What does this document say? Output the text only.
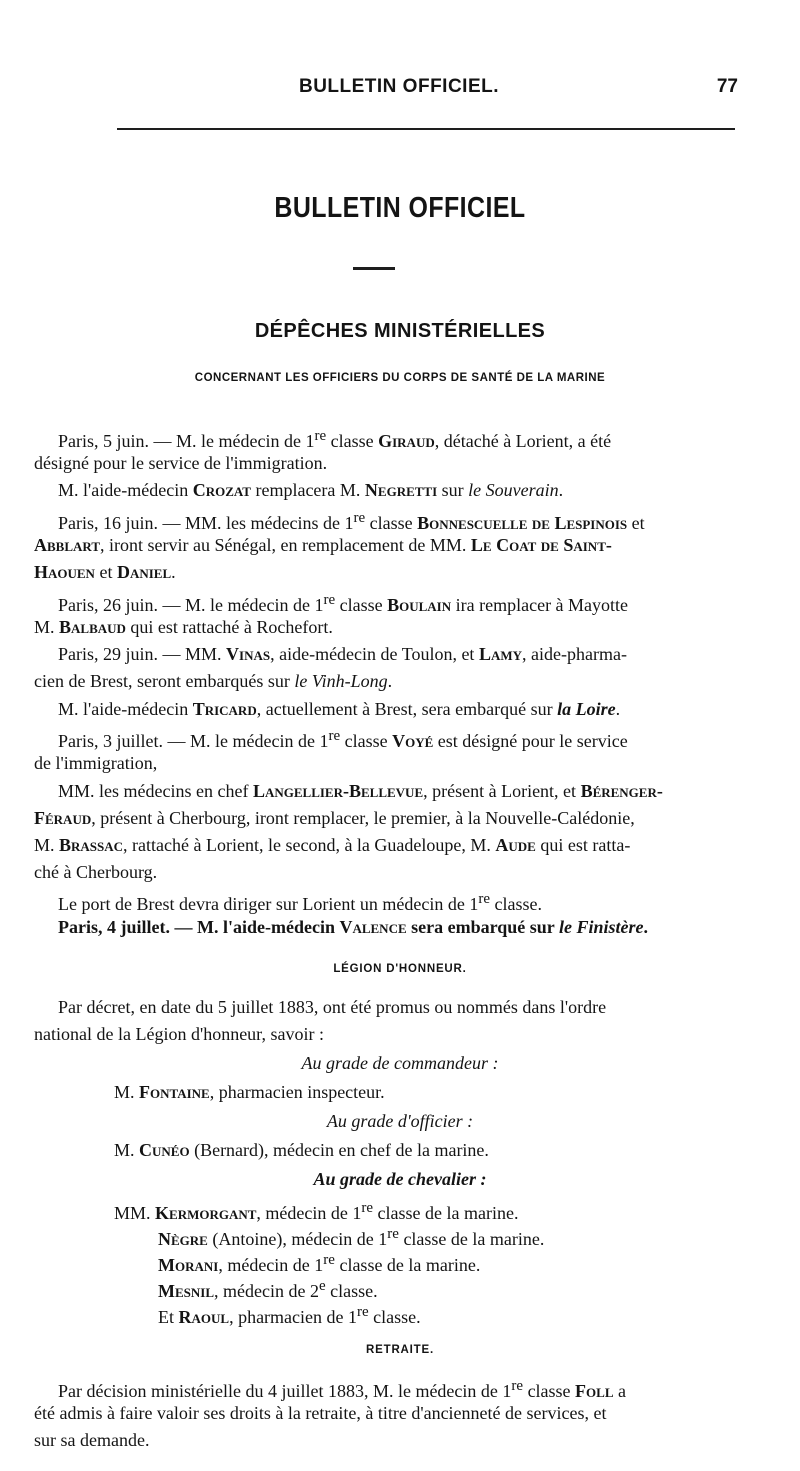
BULLETIN OFFICIEL.	77
BULLETIN OFFICIEL
DÉPÊCHES MINISTÉRIELLES
CONCERNANT LES OFFICIERS DU CORPS DE SANTÉ DE LA MARINE
Paris, 5 juin. — M. le médecin de 1re classe Giraud, détaché à Lorient, a été
désigné pour le service de l'immigration.
M. l'aide-médecin Crozat remplacera M. Negretti sur le Souverain.
Paris, 16 juin. — MM. les médecins de 1re classe Bonnescuelle de Lespinois et
Abblart, iront servir au Sénégal, en remplacement de MM. Le Coat de Saint-
Haouen et Daniel.
Paris, 26 juin. — M. le médecin de 1re classe Boulain ira remplacer à Mayotte
M. Balbaud qui est rattaché à Rochefort.
Paris, 29 juin. — MM. Vinas, aide-médecin de Toulon, et Lamy, aide-pharma-
cien de Brest, seront embarqués sur le Vinh-Long.
M. l'aide-médecin Tricard, actuellement à Brest, sera embarqué sur la Loire.
Paris, 3 juillet. — M. le médecin de 1re classe Voyé est désigné pour le service
de l'immigration,
MM. les médecins en chef Langellier-Bellevue, présent à Lorient, et Bérenger-
Féraud, présent à Cherbourg, iront remplacer, le premier, à la Nouvelle-Calédonie,
M. Brassac, rattaché à Lorient, le second, à la Guadeloupe, M. Aude qui est ratta-
ché à Cherbourg.
Le port de Brest devra diriger sur Lorient un médecin de 1re classe.
Paris, 4 juillet. — M. l'aide-médecin Valence sera embarqué sur le Finistère.
LÉGION D'HONNEUR.
Par décret, en date du 5 juillet 1883, ont été promus ou nommés dans l'ordre
national de la Légion d'honneur, savoir :
Au grade de commandeur :
M. Fontaine, pharmacien inspecteur.
Au grade d'officier :
M. Cunéo (Bernard), médecin en chef de la marine.
Au grade de chevalier :
MM. Kermorgant, médecin de 1re classe de la marine.
Nègre (Antoine), médecin de 1re classe de la marine.
Morani, médecin de 1re classe de la marine.
Mesnil, médecin de 2e classe.
Et Raoul, pharmacien de 1re classe.
RETRAITE.
Par décision ministérielle du 4 juillet 1883, M. le médecin de 1re classe Foll a
été admis à faire valoir ses droits à la retraite, à titre d'ancienneté de services, et
sur sa demande.
